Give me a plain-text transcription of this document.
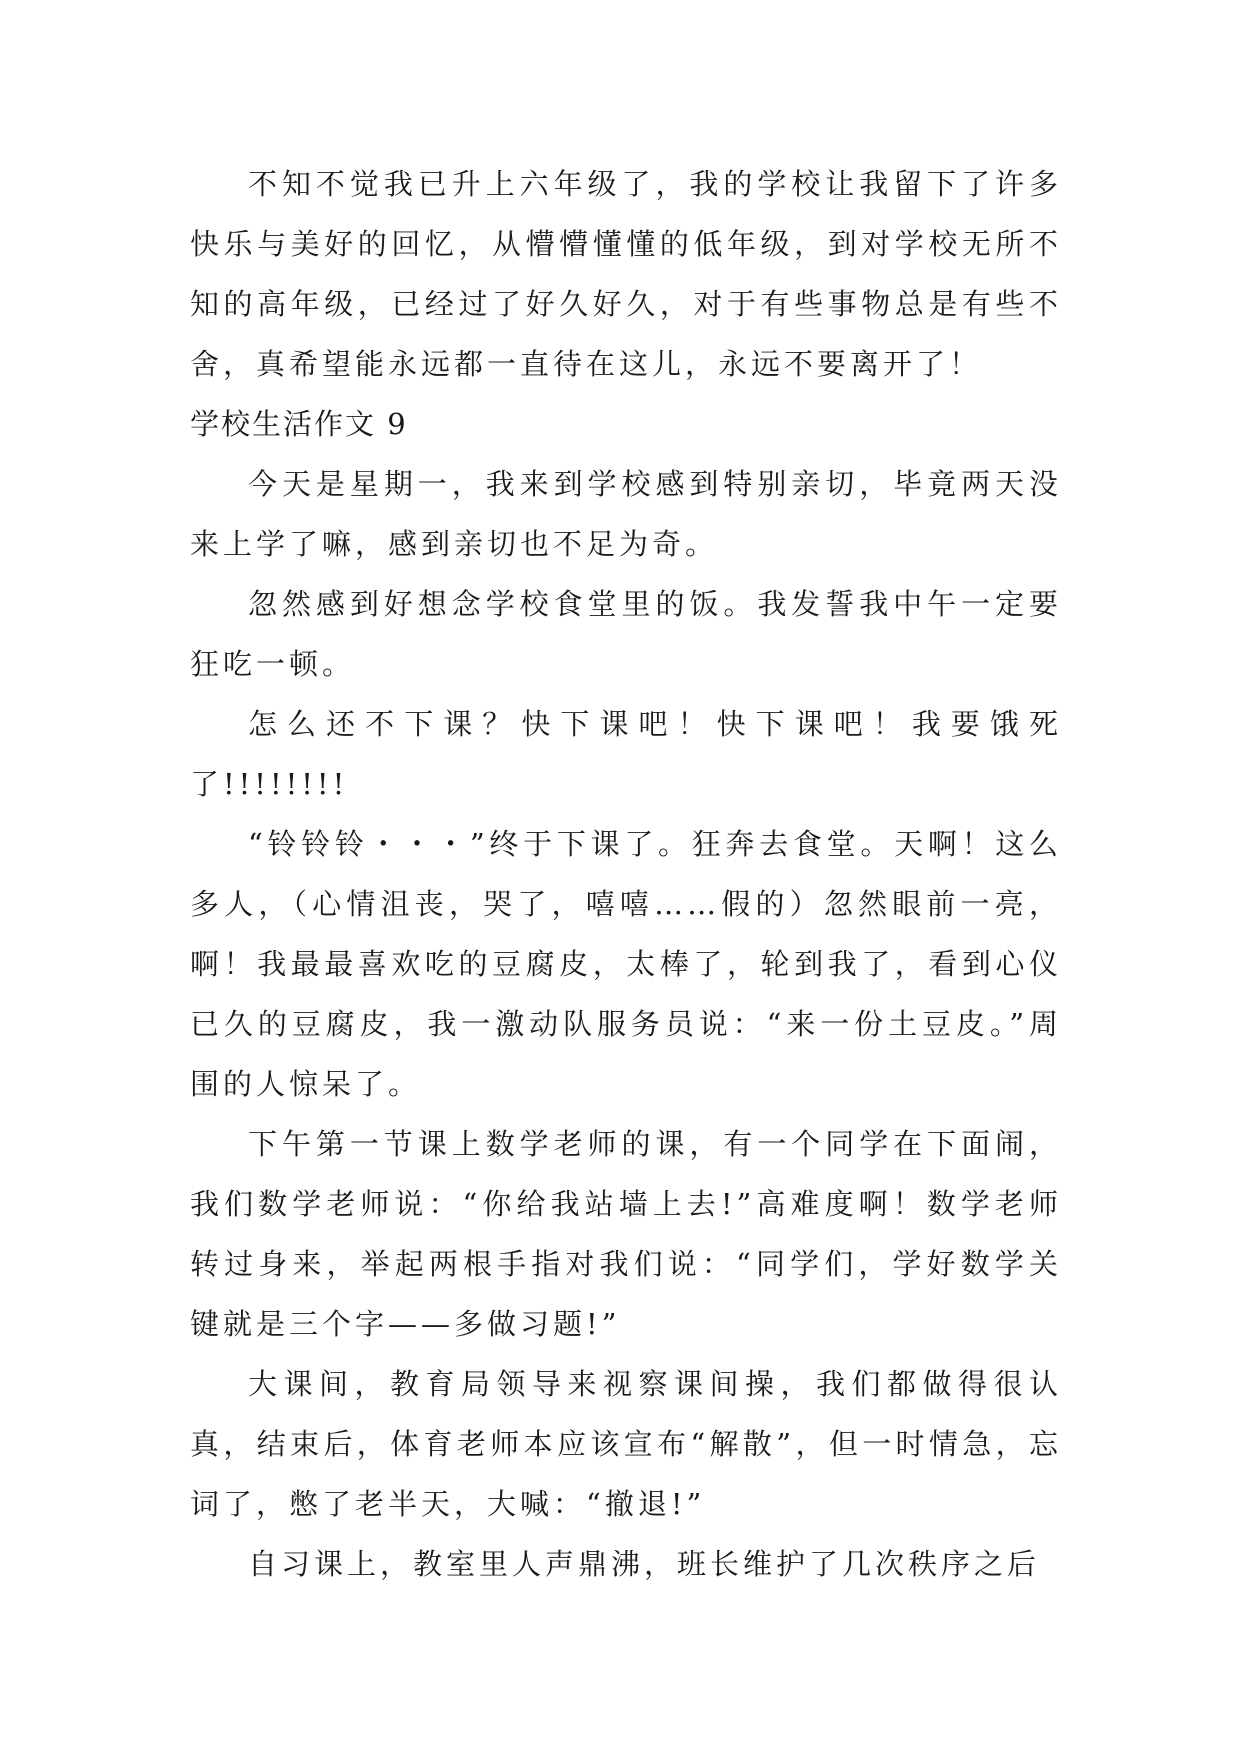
不知不觉我已升上六年级了，我的学校让我留下了许多快乐与美好的回忆，从懵懵懂懂的低年级，到对学校无所不知的高年级，已经过了好久好久，对于有些事物总是有些不舍，真希望能永远都一直待在这儿，永远不要离开了！

学校生活作文 9

今天是星期一，我来到学校感到特别亲切，毕竟两天没来上学了嘛，感到亲切也不足为奇。

忽然感到好想念学校食堂里的饭。我发誓我中午一定要狂吃一顿。

怎么还不下课？快下课吧！快下课吧！我要饿死了!!!!!!!!

“铃铃铃・・・”终于下课了。狂奔去食堂。天啊！这么多人，（心情沮丧，哭了，嘻嘻……假的）忽然眼前一亮，啊！我最最喜欢吃的豆腐皮，太棒了，轮到我了，看到心仪已久的豆腐皮，我一激动队服务员说：“来一份土豆皮。”周围的人惊呆了。

下午第一节课上数学老师的课，有一个同学在下面闹，我们数学老师说：“你给我站墙上去!”高难度啊！数学老师转过身来，举起两根手指对我们说：“同学们，学好数学关键就是三个字——多做习题!”

大课间，教育局领导来视察课间操，我们都做得很认真，结束后，体育老师本应该宣布“解散”，但一时情急，忘词了，憋了老半天，大喊：“撤退!”

自习课上，教室里人声鼎沸，班长维护了几次秩序之后
